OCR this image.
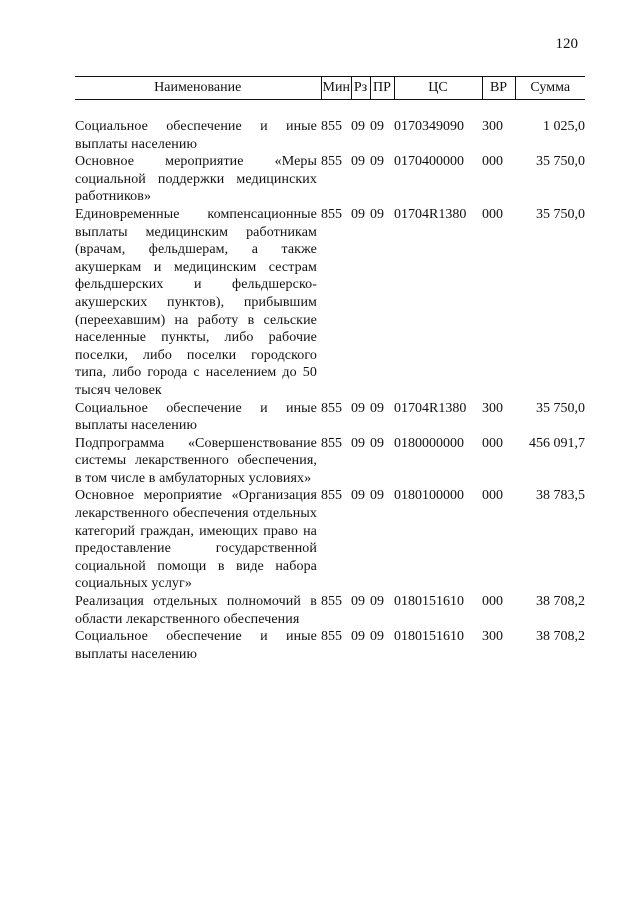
120
Наименование	Мин	Рз	ПР	ЦС	ВР	Сумма

Социальное обеспечение и иные выплаты населению	855	09	09	0170349090	300	1 025,0
Основное мероприятие «Меры социальной поддержки медицинских работников»	855	09	09	0170400000	000	35 750,0
Единовременные компенсационные выплаты медицинским работникам (врачам, фельдшерам, а также акушеркам и медицинским сестрам фельдшерских и фельдшерско-акушерских пунктов), прибывшим (переехавшим) на работу в сельские населенные пункты, либо рабочие поселки, либо поселки городского типа, либо города с населением до 50 тысяч человек	855	09	09	01704R1380	000	35 750,0
Социальное обеспечение и иные выплаты населению	855	09	09	01704R1380	300	35 750,0
Подпрограмма «Совершенствование системы лекарственного обеспечения, в том числе в амбулаторных условиях»	855	09	09	0180000000	000	456 091,7
Основное мероприятие «Организация лекарственного обеспечения отдельных категорий граждан, имеющих право на предоставление государственной социальной помощи в виде набора социальных услуг»	855	09	09	0180100000	000	38 783,5
Реализация отдельных полномочий в области лекарственного обеспечения	855	09	09	0180151610	000	38 708,2
Социальное обеспечение и иные выплаты населению	855	09	09	0180151610	300	38 708,2
